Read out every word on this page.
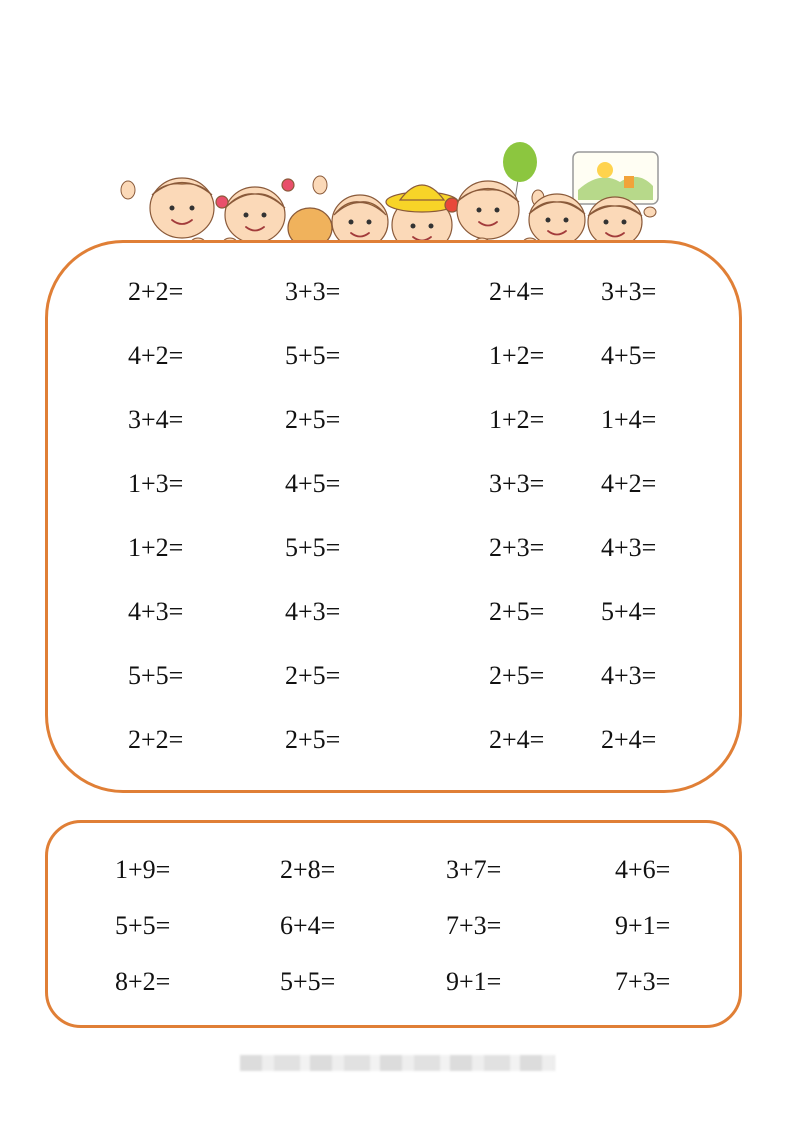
2+2=	3+3=	2+4= 3+3=
4+2=	5+5=	1+2= 4+5=
3+4=	2+5=	1+2= 1+4=
1+3=	4+5=	3+3= 4+2=
1+2=	5+5=	2+3= 4+3=
4+3=	4+3=	2+5= 5+4=
5+5=	2+5=	2+5= 4+3=
2+2=	2+5=	2+4= 2+4=
1+9=	2+8=	3+7=	4+6=
5+5=	6+4=	7+3=	9+1=
8+2=	5+5=	9+1=	7+3=
